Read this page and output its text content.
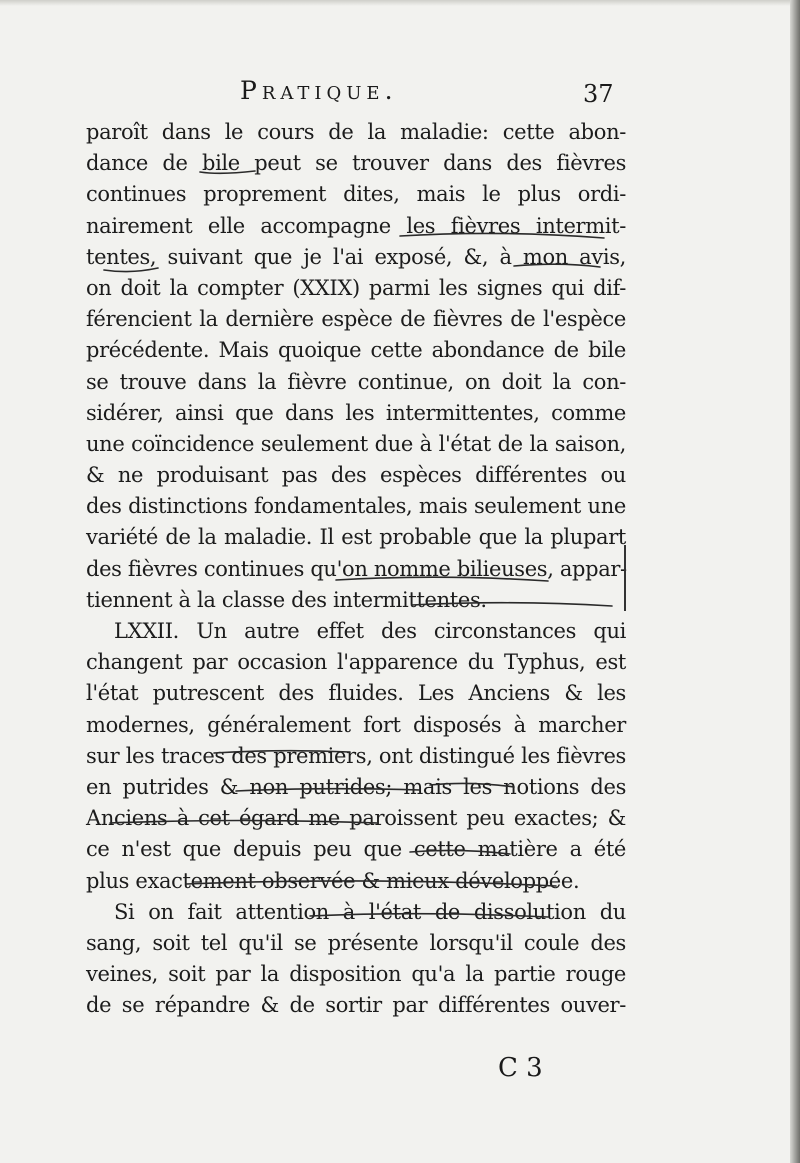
Pratique.	37
paroît dans le cours de la maladie: cette abon-
dance de bile peut se trouver dans des fièvres
continues proprement dites, mais le plus ordi-
nairement elle accompagne les fièvres intermit-
tentes, suivant que je l'ai exposé, &, à mon avis,
on doit la compter (XXIX) parmi les signes qui dif-
férencient la dernière espèce de fièvres de l'espèce
précédente. Mais quoique cette abondance de bile
se trouve dans la fièvre continue, on doit la con-
sidérer, ainsi que dans les intermittentes, comme
une coïncidence seulement due à l'état de la saison,
& ne produisant pas des espèces différentes ou
des distinctions fondamentales, mais seulement une
variété de la maladie. Il est probable que la plupart
des fièvres continues qu'on nomme bilieuses, appar-
tiennent à la classe des intermittentes.
LXXII. Un autre effet des circonstances qui
changent par occasion l'apparence du Typhus, est
l'état putrescent des fluides. Les Anciens & les
modernes, généralement fort disposés à marcher
sur les traces des premiers, ont distingué les fièvres
en putrides & non putrides; mais les notions des
Anciens à cet égard me paroissent peu exactes; &
ce n'est que depuis peu que cette matière a été
plus exactement observée & mieux développée.
Si on fait attention à l'état de dissolution du
sang, soit tel qu'il se présente lorsqu'il coule des
veines, soit par la disposition qu'a la partie rouge
de se répandre & de sortir par différentes ouver-
C 3
